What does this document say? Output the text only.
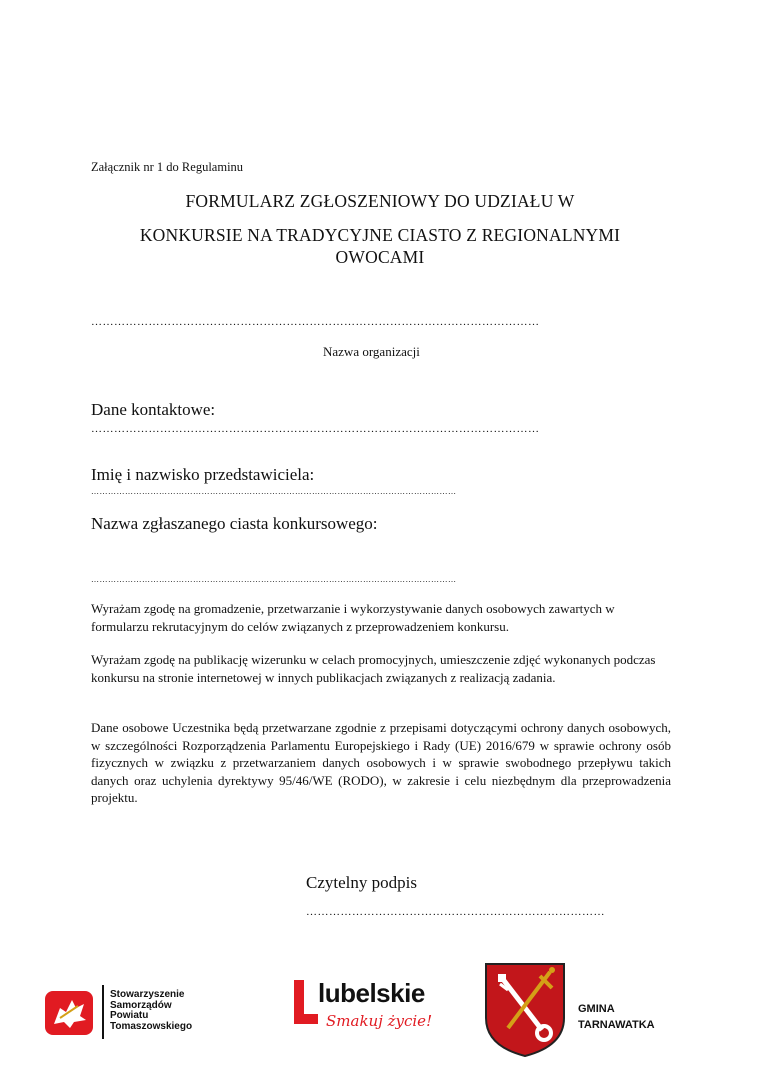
Załącznik nr 1 do Regulaminu
FORMULARZ ZGŁOSZENIOWY DO UDZIAŁU W
KONKURSIE NA TRADYCYJNE CIASTO Z REGIONALNYMI
OWOCAMI
………………………………………………………………………………………………………
Nazwa organizacji
Dane kontaktowe:
………………………………………………………………………………………………………
Imię i nazwisko przedstawiciela:
…………………………………………………………………………………………………………………
Nazwa zgłaszanego ciasta konkursowego:
…………………………………………………………………………………………………………………
Wyrażam zgodę na gromadzenie, przetwarzanie i wykorzystywanie danych osobowych zawartych w formularzu rekrutacyjnym do celów związanych z przeprowadzeniem konkursu.
Wyrażam zgodę na publikację wizerunku w celach promocyjnych, umieszczenie zdjęć wykonanych podczas konkursu na stronie internetowej w innych publikacjach związanych z realizacją zadania.
Dane osobowe Uczestnika będą przetwarzane zgodnie z przepisami dotyczącymi ochrony danych osobowych, w szczególności Rozporządzenia Parlamentu Europejskiego i Rady (UE) 2016/679 w sprawie ochrony osób fizycznych w związku z przetwarzaniem danych osobowych i w sprawie swobodnego przepływu takich danych oraz uchylenia dyrektywy 95/46/WE (RODO), w zakresie i celu niezbędnym dla przeprowadzenia projektu.
Czytelny podpis
……………………………………………………………………
Stowarzyszenie
Samorządów
Powiatu
Tomaszowskiego
lubelskie
Smakuj życie!
GMINA
TARNAWATKA
